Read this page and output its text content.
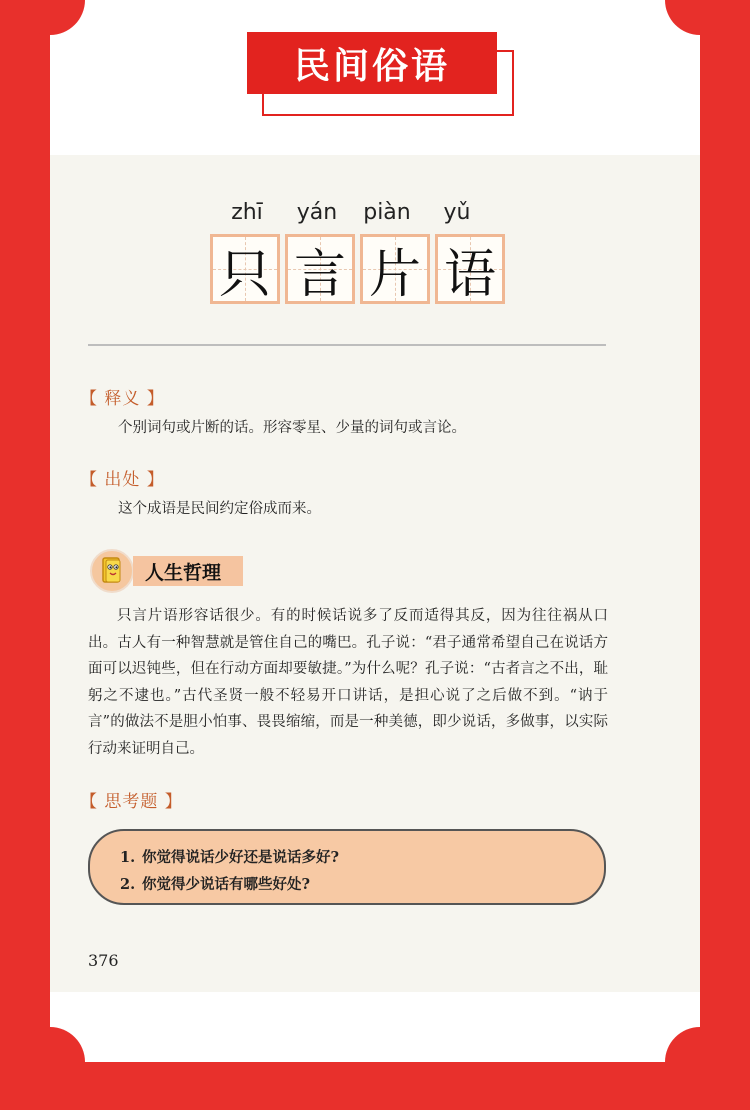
民间俗语
zhī	yán	piàn	yǔ
只 言 片 语
【 释义 】
个别词句或片断的话。形容零星、少量的词句或言论。
【 出处 】
这个成语是民间约定俗成而来。
人生哲理
只言片语形容话很少。有的时候话说多了反而适得其反，因为往往祸从口出。古人有一种智慧就是管住自己的嘴巴。孔子说：“君子通常希望自己在说话方面可以迟钝些，但在行动方面却要敏捷。”为什么呢？孔子说：“古者言之不出，耻躬之不逮也。”古代圣贤一般不轻易开口讲话，是担心说了之后做不到。“讷于言”的做法不是胆小怕事、畏畏缩缩，而是一种美德，即少说话，多做事，以实际行动来证明自己。
【 思考题 】
1. 你觉得说话少好还是说话多好?
2. 你觉得少说话有哪些好处?
376
